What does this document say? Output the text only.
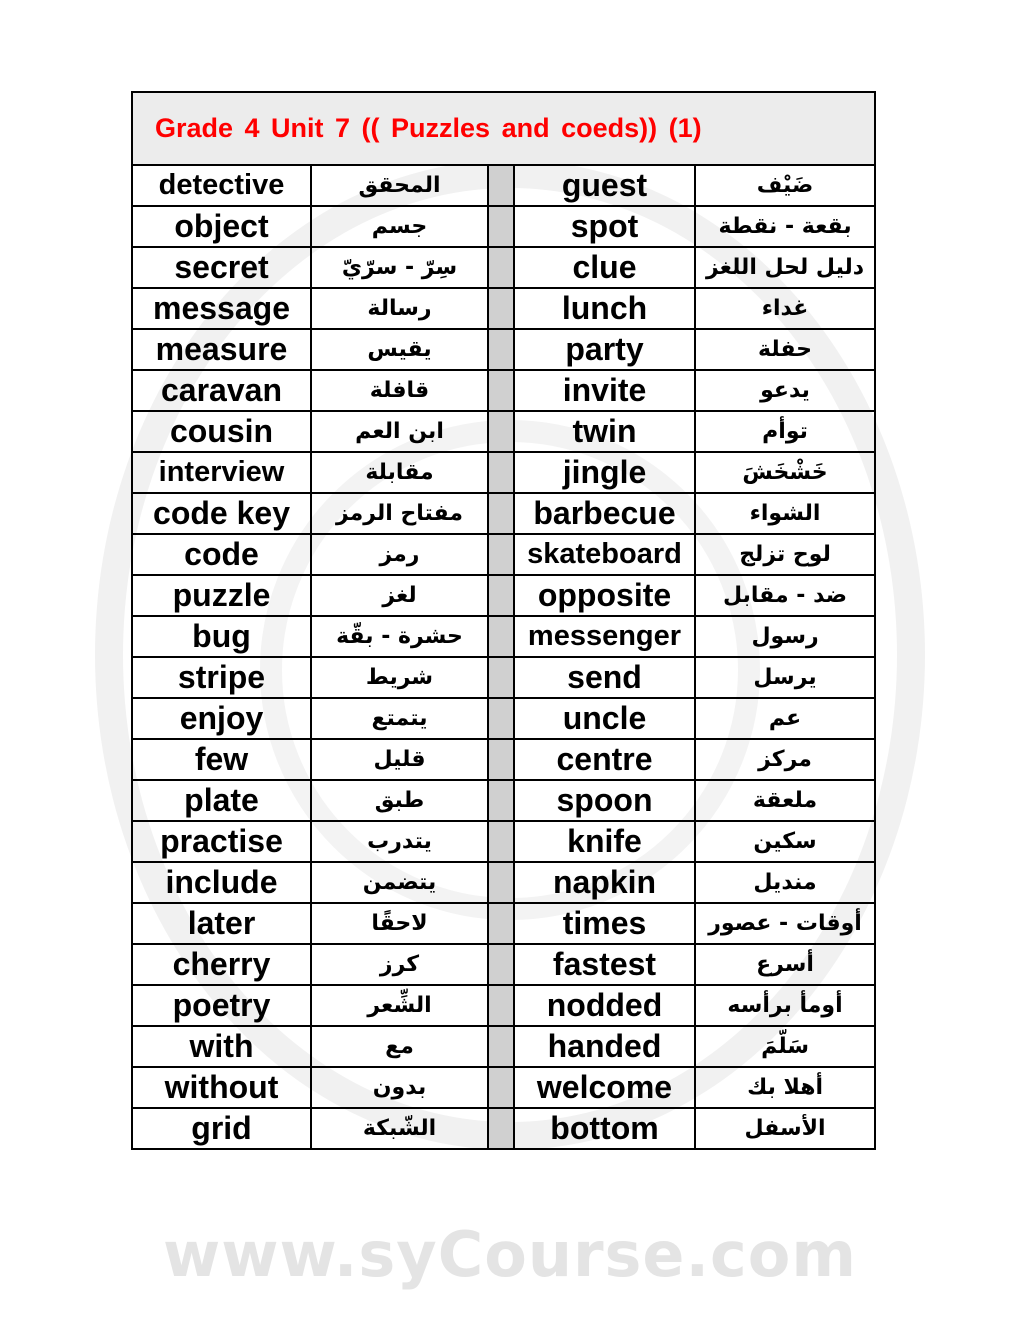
www.syCourse.com
Grade 4 Unit 7 (( Puzzles and coeds)) (1)				
detective	المحقق		guest	ضَيْف
object	جسم		spot	بقعة - نقطة
secret	سِرّ - سرّيّ		clue	دليل لحل اللغز
message	رسالة		lunch	غداء
measure	يقيس		party	حفلة
caravan	قافلة		invite	يدعو
cousin	ابن العم		twin	توأم
interview	مقابلة		jingle	خَشْخَشَ
code key	مفتاح الرمز		barbecue	الشواء
code	رمز		skateboard	لوح تزلج
puzzle	لغز		opposite	ضد - مقابل
bug	حشرة - بقّة		messenger	رسول
stripe	شريط		send	يرسل
enjoy	يتمتع		uncle	عم
few	قليل		centre	مركز
plate	طبق		spoon	ملعقة
practise	يتدرب		knife	سكين
include	يتضمن		napkin	منديل
later	لاحقًا		times	أوقات - عصور
cherry	كرز		fastest	أسرع
poetry	الشِّعر		nodded	أومأ برأسه
with	مع		handed	سَلّمَ
without	بدون		welcome	أهلا بك
grid	الشّبكة		bottom	الأسفل
